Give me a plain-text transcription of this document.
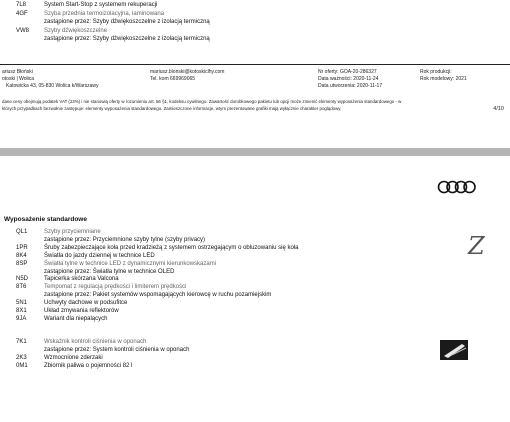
7L8	System Start-Stop z systemem rekuperacji
4GF	Szyba przednia termoizolacyjna, laminowana
zastąpione przez: Szyby dźwiękoszczelne z izolacją termiczną
VW8	Szyby dźwiękoszczelne
zastąpione przez: Szyby dźwiękoszczelne z izolacją termiczną
ariusz Błoński
otoski | Wołica
Katowicka 43, 05-830 Wolica k/Warszawy
mariusz.blonski@kotoskiclhy.com
Tel. kom 669969065
Nr oferty: GOA-20-286327
Data ważności: 2020-11-24
Data utworzenia: 2020-11-17
Rok produkcji:
Rok modelowy: 2021
dane ceny obejmują podatek VAT (23%) i nie stanowią oferty w rozumieniu art. 66 §1, kodeksu cywilnego. Zawartość dorobkowego pakietu lub opcji może zmienić elementy wyposażenia standardowego - w
których przypadkach bezwołnie zastępuje: elementy wyposażenia standardowego. Zamieszczone informacje, wtym prezentowane grafiki mają wyłącznie charakter poglądowy.	4/10
Z
Wyposażenie standardowe
QL1	Szyby przyciemniane
zastąpione przez: Przyciemnione szyby tylne (szyby privacy)
1PR	Śruby zabezpieczające koła przed kradzieżą z systemem ostrzegającym o obluzowaniu się koła
8K4	Światła do jazdy dziennej w technice LED
8SP	Światła tylne w technice LED z dynamicznymi kierunkowskazami
zastąpione przez: Światła tylne w technice OLED
N5D	Tapicerka skórzana Valcona
8T6	Tempomat z regulacją prędkości i limiterem prędkości
zastąpione przez: Pakiet systemów wspomagających kierowcę w ruchu pozamiejskim
5N1	Uchwyty dachowe w podsufitce
8X1	Układ zmywania reflektorów
9JA	Wariant dla niepalących
7K1	Wskaźnik kontroli ciśnienia w oponach
zastąpione przez: System kontroli ciśnienia w oponach
2K3	Wzmocnione zderzaki
0M1	Zbiornik paliwa o pojemności 82 l
